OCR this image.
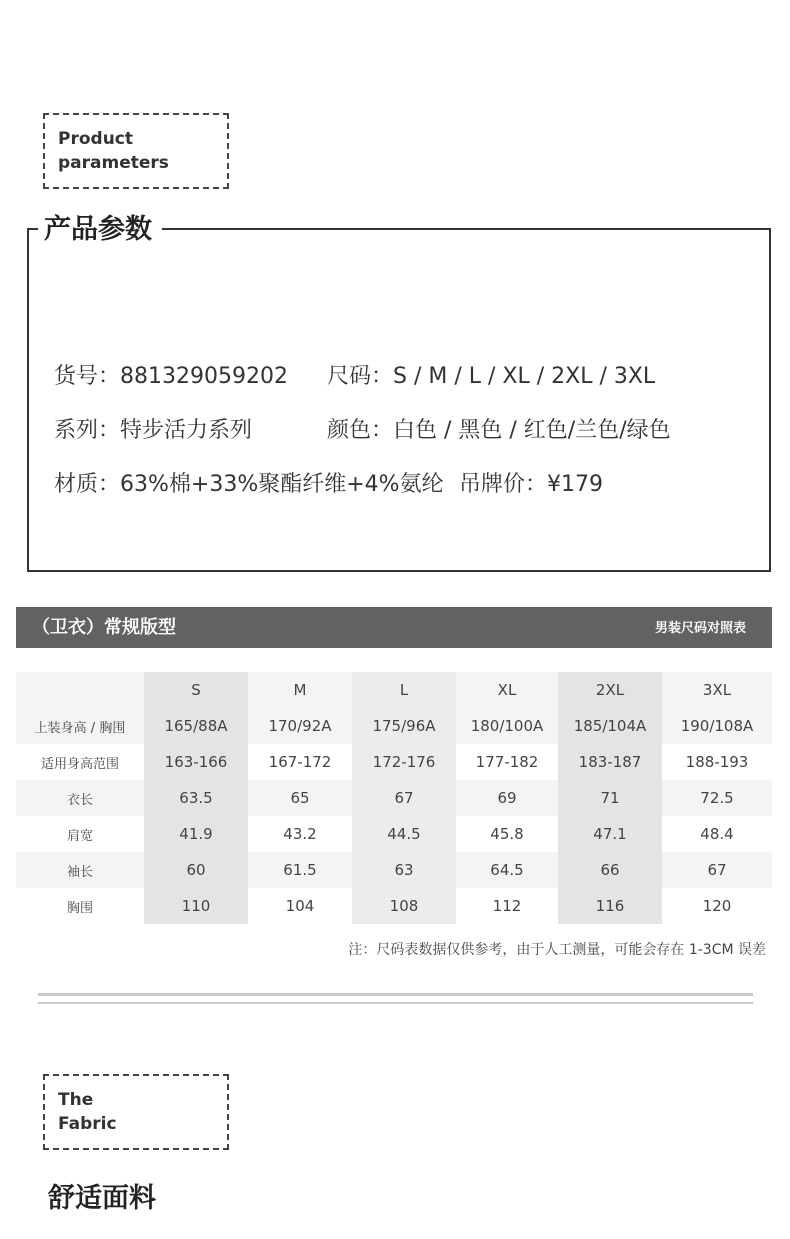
Product
parameters
产品参数
货号：881329059202 尺码：S / M / L / XL / 2XL / 3XL
系列：特步活力系列	颜色：白色 / 黑色 / 红色/兰色/绿色
材质：63%棉+33%聚酯纤维+4%氨纶 吊牌价：¥179
（卫衣）常规版型	男装尺码对照表
	S	M	L	XL	2XL	3XL
上装身高 / 胸围	165/88A	170/92A	175/96A	180/100A	185/104A	190/108A
适用身高范围	163-166	167-172	172-176	177-182	183-187	188-193
衣长	63.5	65	67	69	71	72.5
肩宽	41.9	43.2	44.5	45.8	47.1	48.4
袖长	60	61.5	63	64.5	66	67
胸围	110	104	108	112	116	120
注：尺码表数据仅供参考，由于人工测量，可能会存在 1-3CM 误差
The
Fabric
舒适面料
